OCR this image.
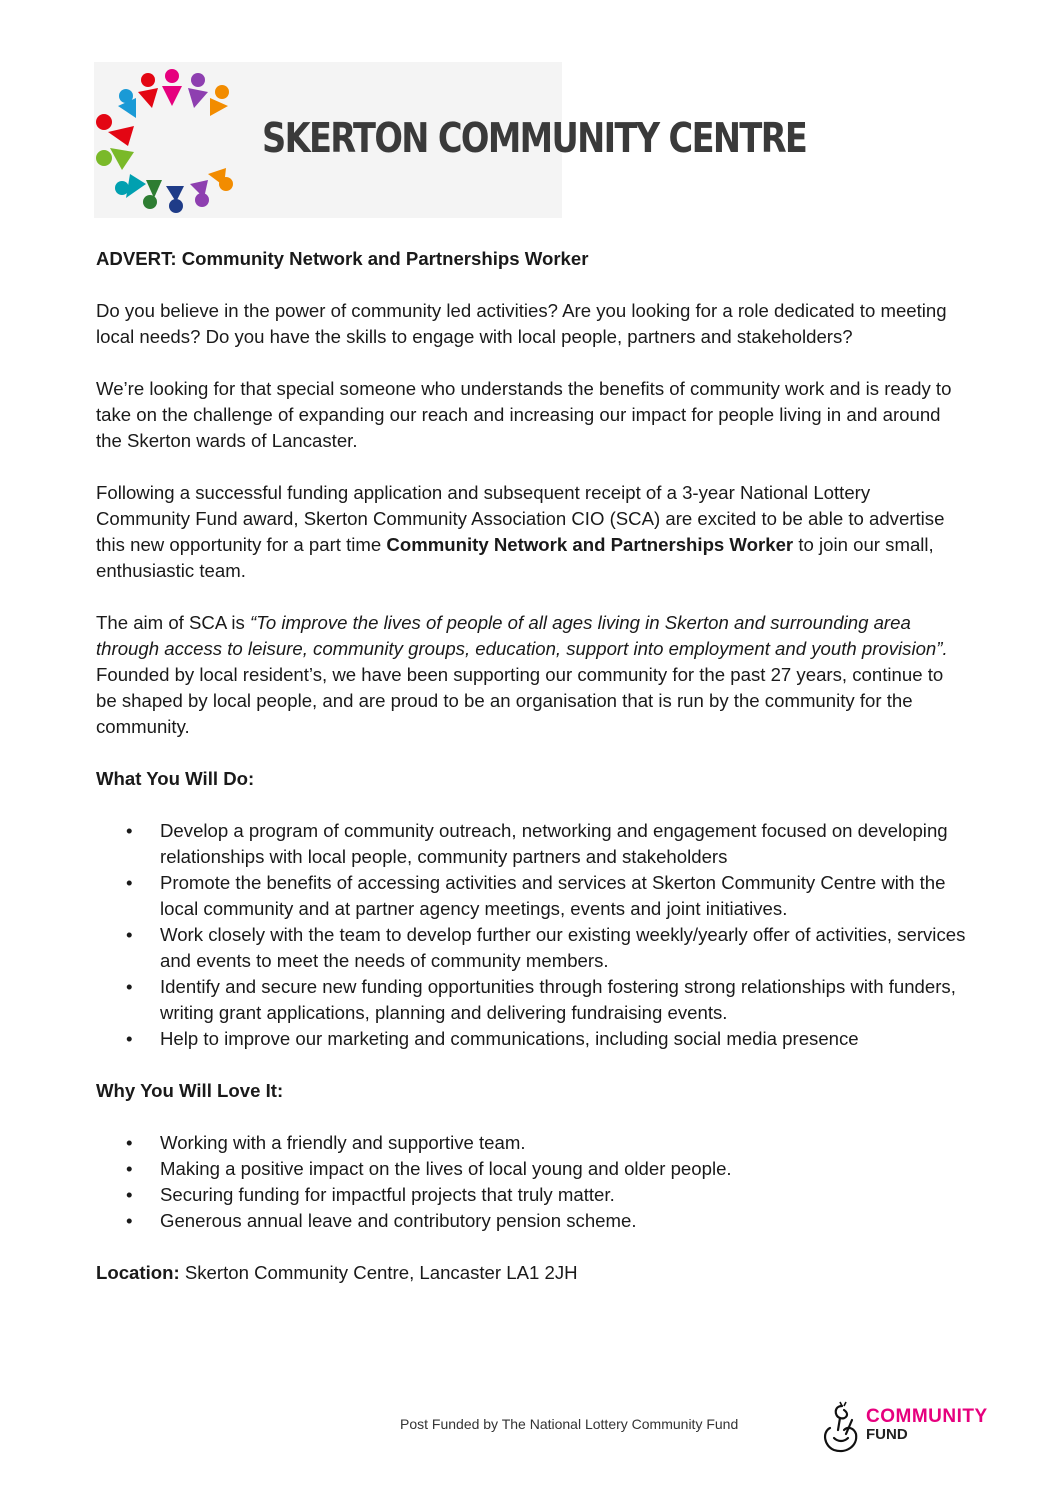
SKERTON COMMUNITY CENTRE
ADVERT: Community Network and Partnerships Worker

Do you believe in the power of community led activities? Are you looking for a role dedicated to meeting local needs? Do you have the skills to engage with local people, partners and stakeholders?

We’re looking for that special someone who understands the benefits of community work and is ready to take on the challenge of expanding our reach and increasing our impact for people living in and around the Skerton wards of Lancaster.

Following a successful funding application and subsequent receipt of a 3-year National Lottery Community Fund award, Skerton Community Association CIO (SCA) are excited to be able to advertise this new opportunity for a part time Community Network and Partnerships Worker to join our small, enthusiastic team.

The aim of SCA is “To improve the lives of people of all ages living in Skerton and surrounding area through access to leisure, community groups, education, support into employment and youth provision”. Founded by local resident’s, we have been supporting our community for the past 27 years, continue to be shaped by local people, and are proud to be an organisation that is run by the community for the community.

What You Will Do:
• Develop a program of community outreach, networking and engagement focused on developing relationships with local people, community partners and stakeholders
• Promote the benefits of accessing activities and services at Skerton Community Centre with the local community and at partner agency meetings, events and joint initiatives.
• Work closely with the team to develop further our existing weekly/yearly offer of activities, services and events to meet the needs of community members.
• Identify and secure new funding opportunities through fostering strong relationships with funders, writing grant applications, planning and delivering fundraising events.
• Help to improve our marketing and communications, including social media presence
Why You Will Love It:
• Working with a friendly and supportive team.
• Making a positive impact on the lives of local young and older people.
• Securing funding for impactful projects that truly matter.
• Generous annual leave and contributory pension scheme.

Location: Skerton Community Centre, Lancaster LA1 2JH

Post Funded by The National Lottery Community Fund	COMMUNITY
FUND
